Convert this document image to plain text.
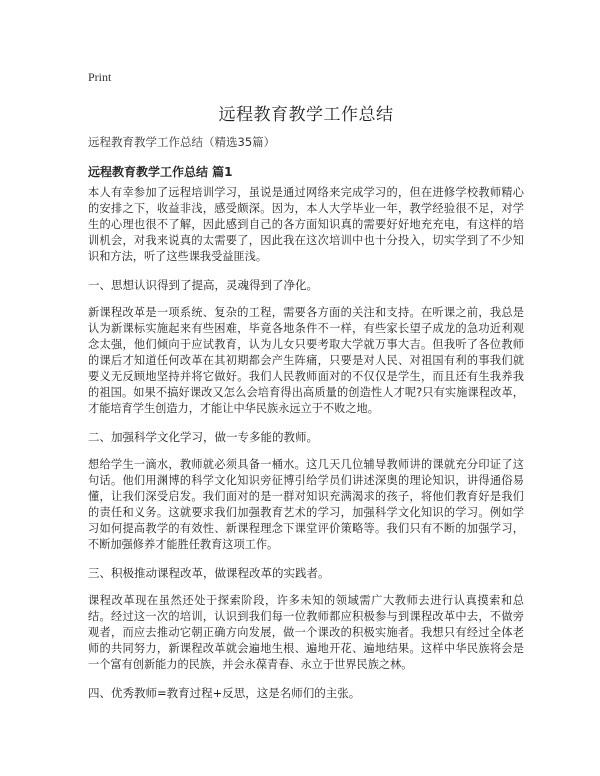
Print
远程教育教学工作总结

远程教育教学工作总结（精选35篇）

远程教育教学工作总结 篇1

本人有幸参加了远程培训学习，虽说是通过网络来完成学习的，但在进修学校教师精心的安排之下，收益非浅，感受颇深。因为，本人大学毕业一年，教学经验很不足，对学生的心理也很不了解，因此感到自己的各方面知识真的需要好好地充充电，有这样的培训机会，对我来说真的太需要了，因此我在这次培训中也十分投入，切实学到了不少知识和方法，听了这些课我受益匪浅。

一、思想认识得到了提高，灵魂得到了净化。

新课程改革是一项系统、复杂的工程，需要各方面的关注和支持。在听课之前，我总是认为新课标实施起来有些困难，毕竟各地条件不一样，有些家长望子成龙的急功近利观念太强，他们倾向于应试教育，认为儿女只要考取大学就万事大吉。但我听了各位教师的课后才知道任何改革在其初期都会产生阵痛，只要是对人民、对祖国有利的事我们就要义无反顾地坚持并将它做好。我们人民教师面对的不仅仅是学生，而且还有生我养我的祖国。如果不搞好课改又怎么会培育得出高质量的创造性人才呢?只有实施课程改革，才能培育学生创造力，才能让中华民族永远立于不败之地。

二、加强科学文化学习，做一专多能的教师。

想给学生一滴水，教师就必须具备一桶水。这几天几位辅导教师讲的课就充分印证了这句话。他们用渊博的科学文化知识旁征博引给学员们讲述深奥的理论知识，讲得通俗易懂，让我们深受启发。我们面对的是一群对知识充满渴求的孩子，将他们教育好是我们的责任和义务。这就要求我们加强教育艺术的学习，加强科学文化知识的学习。例如学习如何提高教学的有效性、新课程理念下课堂评价策略等。我们只有不断的加强学习，不断加强修养才能胜任教育这项工作。

三、积极推动课程改革，做课程改革的实践者。

课程改革现在虽然还处于探索阶段，许多未知的领域需广大教师去进行认真摸索和总结。经过这一次的培训，认识到我们每一位教师都应积极参与到课程改革中去，不做旁观者，而应去推动它朝正确方向发展，做一个课改的积极实施者。我想只有经过全体老师的共同努力，新课程改革就会遍地生根、遍地开花、遍地结果。这样中华民族将会是一个富有创新能力的民族，并会永葆青春、永立于世界民族之林。

四、优秀教师=教育过程+反思，这是名师们的主张。
